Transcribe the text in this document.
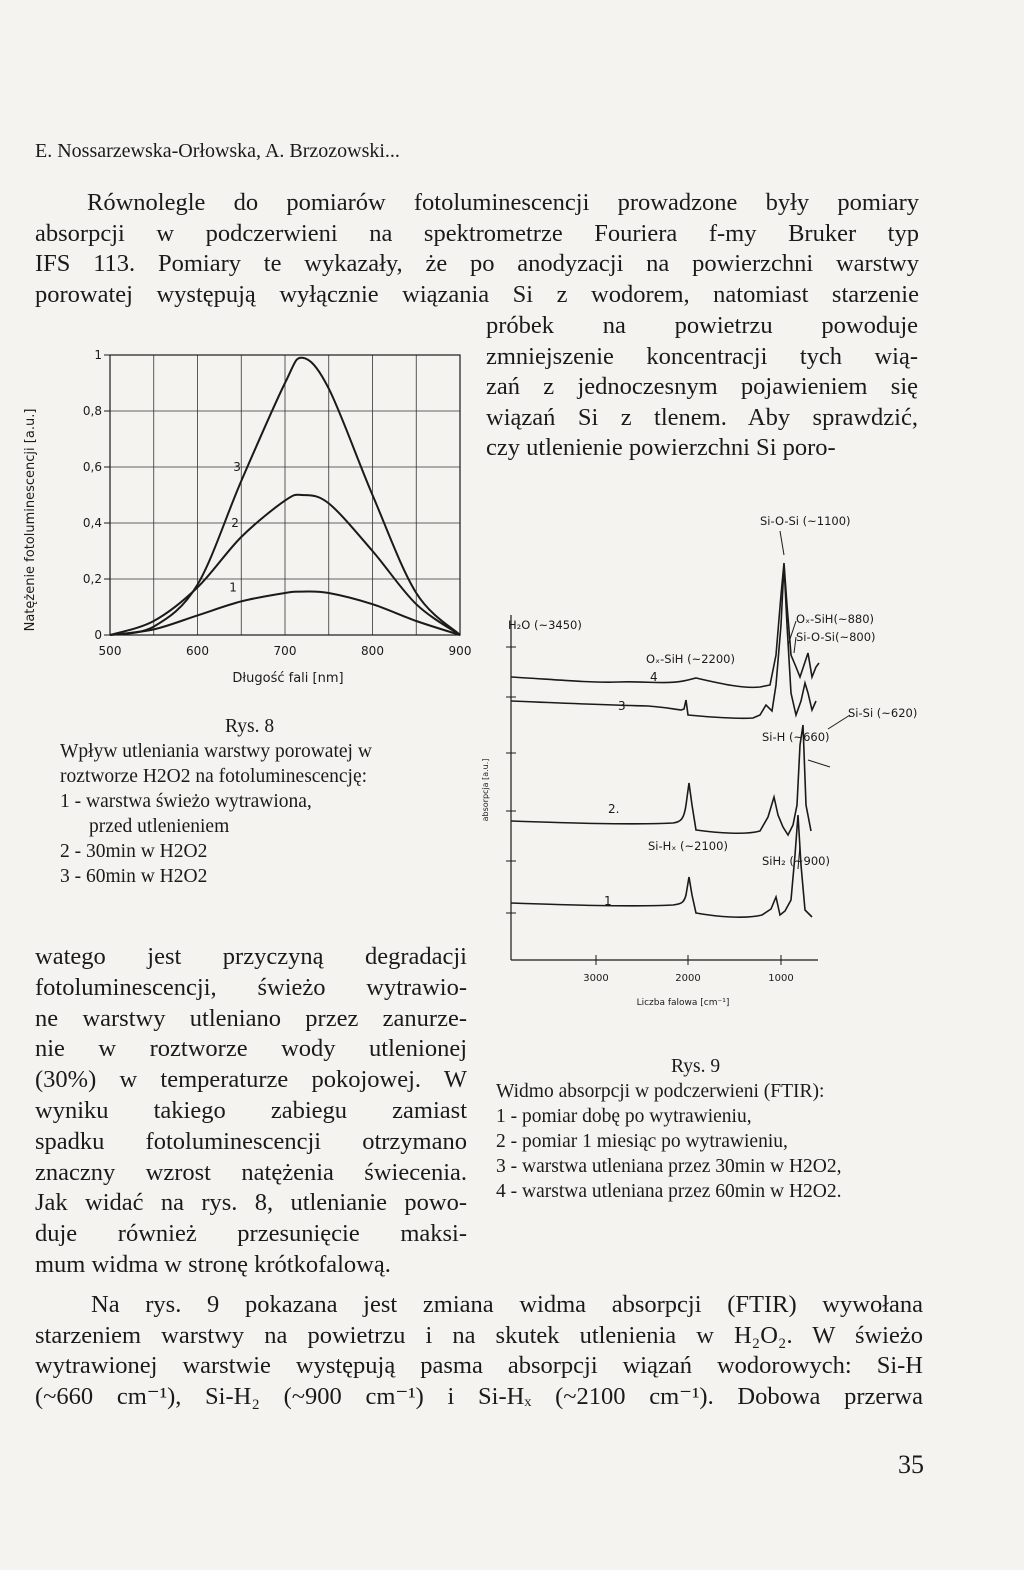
E. Nossarzewska-Orłowska, A. Brzozowski...
Równolegle do pomiarów fotoluminescencji prowadzone były pomiary
absorpcji w podczerwieni na spektrometrze Fouriera f-my Bruker typ
IFS 113. Pomiary te wykazały, że po anodyzacji na powierzchni warstwy
porowatej występują wyłącznie wiązania Si z wodorem, natomiast starzenie
próbek na powietrzu powoduje
zmniejszenie koncentracji tych wią-
zań z jednoczesnym pojawieniem się
wiązań Si z tlenem. Aby sprawdzić,
czy utlenienie powierzchni Si poro-
watego jest przyczyną degradacji
fotoluminescencji, świeżo wytrawio-
ne warstwy utleniano przez zanurze-
nie w roztworze wody utlenionej
(30%) w temperaturze pokojowej. W
wyniku takiego zabiegu zamiast
spadku fotoluminescencji otrzymano
znaczny wzrost natężenia świecenia.
Jak widać na rys. 8, utlenianie powo-
duje również przesunięcie maksi-
mum widma w stronę krótkofalową.
Na rys. 9 pokazana jest zmiana widma absorpcji (FTIR) wywołana
starzeniem warstwy na powietrzu i na skutek utlenienia w H₂O₂. W świeżo
wytrawionej warstwie występują pasma absorpcji wiązań wodorowych: Si-H
(~660 cm⁻¹), Si-H₂ (~900 cm⁻¹) i Si-Hₓ (~2100 cm⁻¹). Dobowa przerwa
500	600	700	800	900
0
0,2
0,4
0,6
0,8
1
1
2
3
Długość fali [nm]
Natężenie fotoluminescencji [a.u.]
Rys. 8
Wpływ utleniania warstwy porowatej w
roztworze H2O2 na fotoluminescencję:
1 - warstwa świeżo wytrawiona,
przed utlenieniem
2 - 30min w H2O2
3 - 60min w H2O2
3000	2000	1000
Liczba falowa [cm⁻¹]
absorpcja [a.u.]
4
3
2.
1
Si-O-Si (~1100)
H₂O (~3450)
Oₓ-SiH (~2200)
Oₓ-SiH(~880)
Si-O-Si(~800)
Si-Si (~620)
Si-H (~660)
Si-Hₓ (~2100)
SiH₂ (~900)
Rys. 9
Widmo absorpcji w podczerwieni (FTIR):
1 - pomiar dobę po wytrawieniu,
2 - pomiar 1 miesiąc po wytrawieniu,
3 - warstwa utleniana przez 30min w H2O2,
4 - warstwa utleniana przez 60min w H2O2.
35
